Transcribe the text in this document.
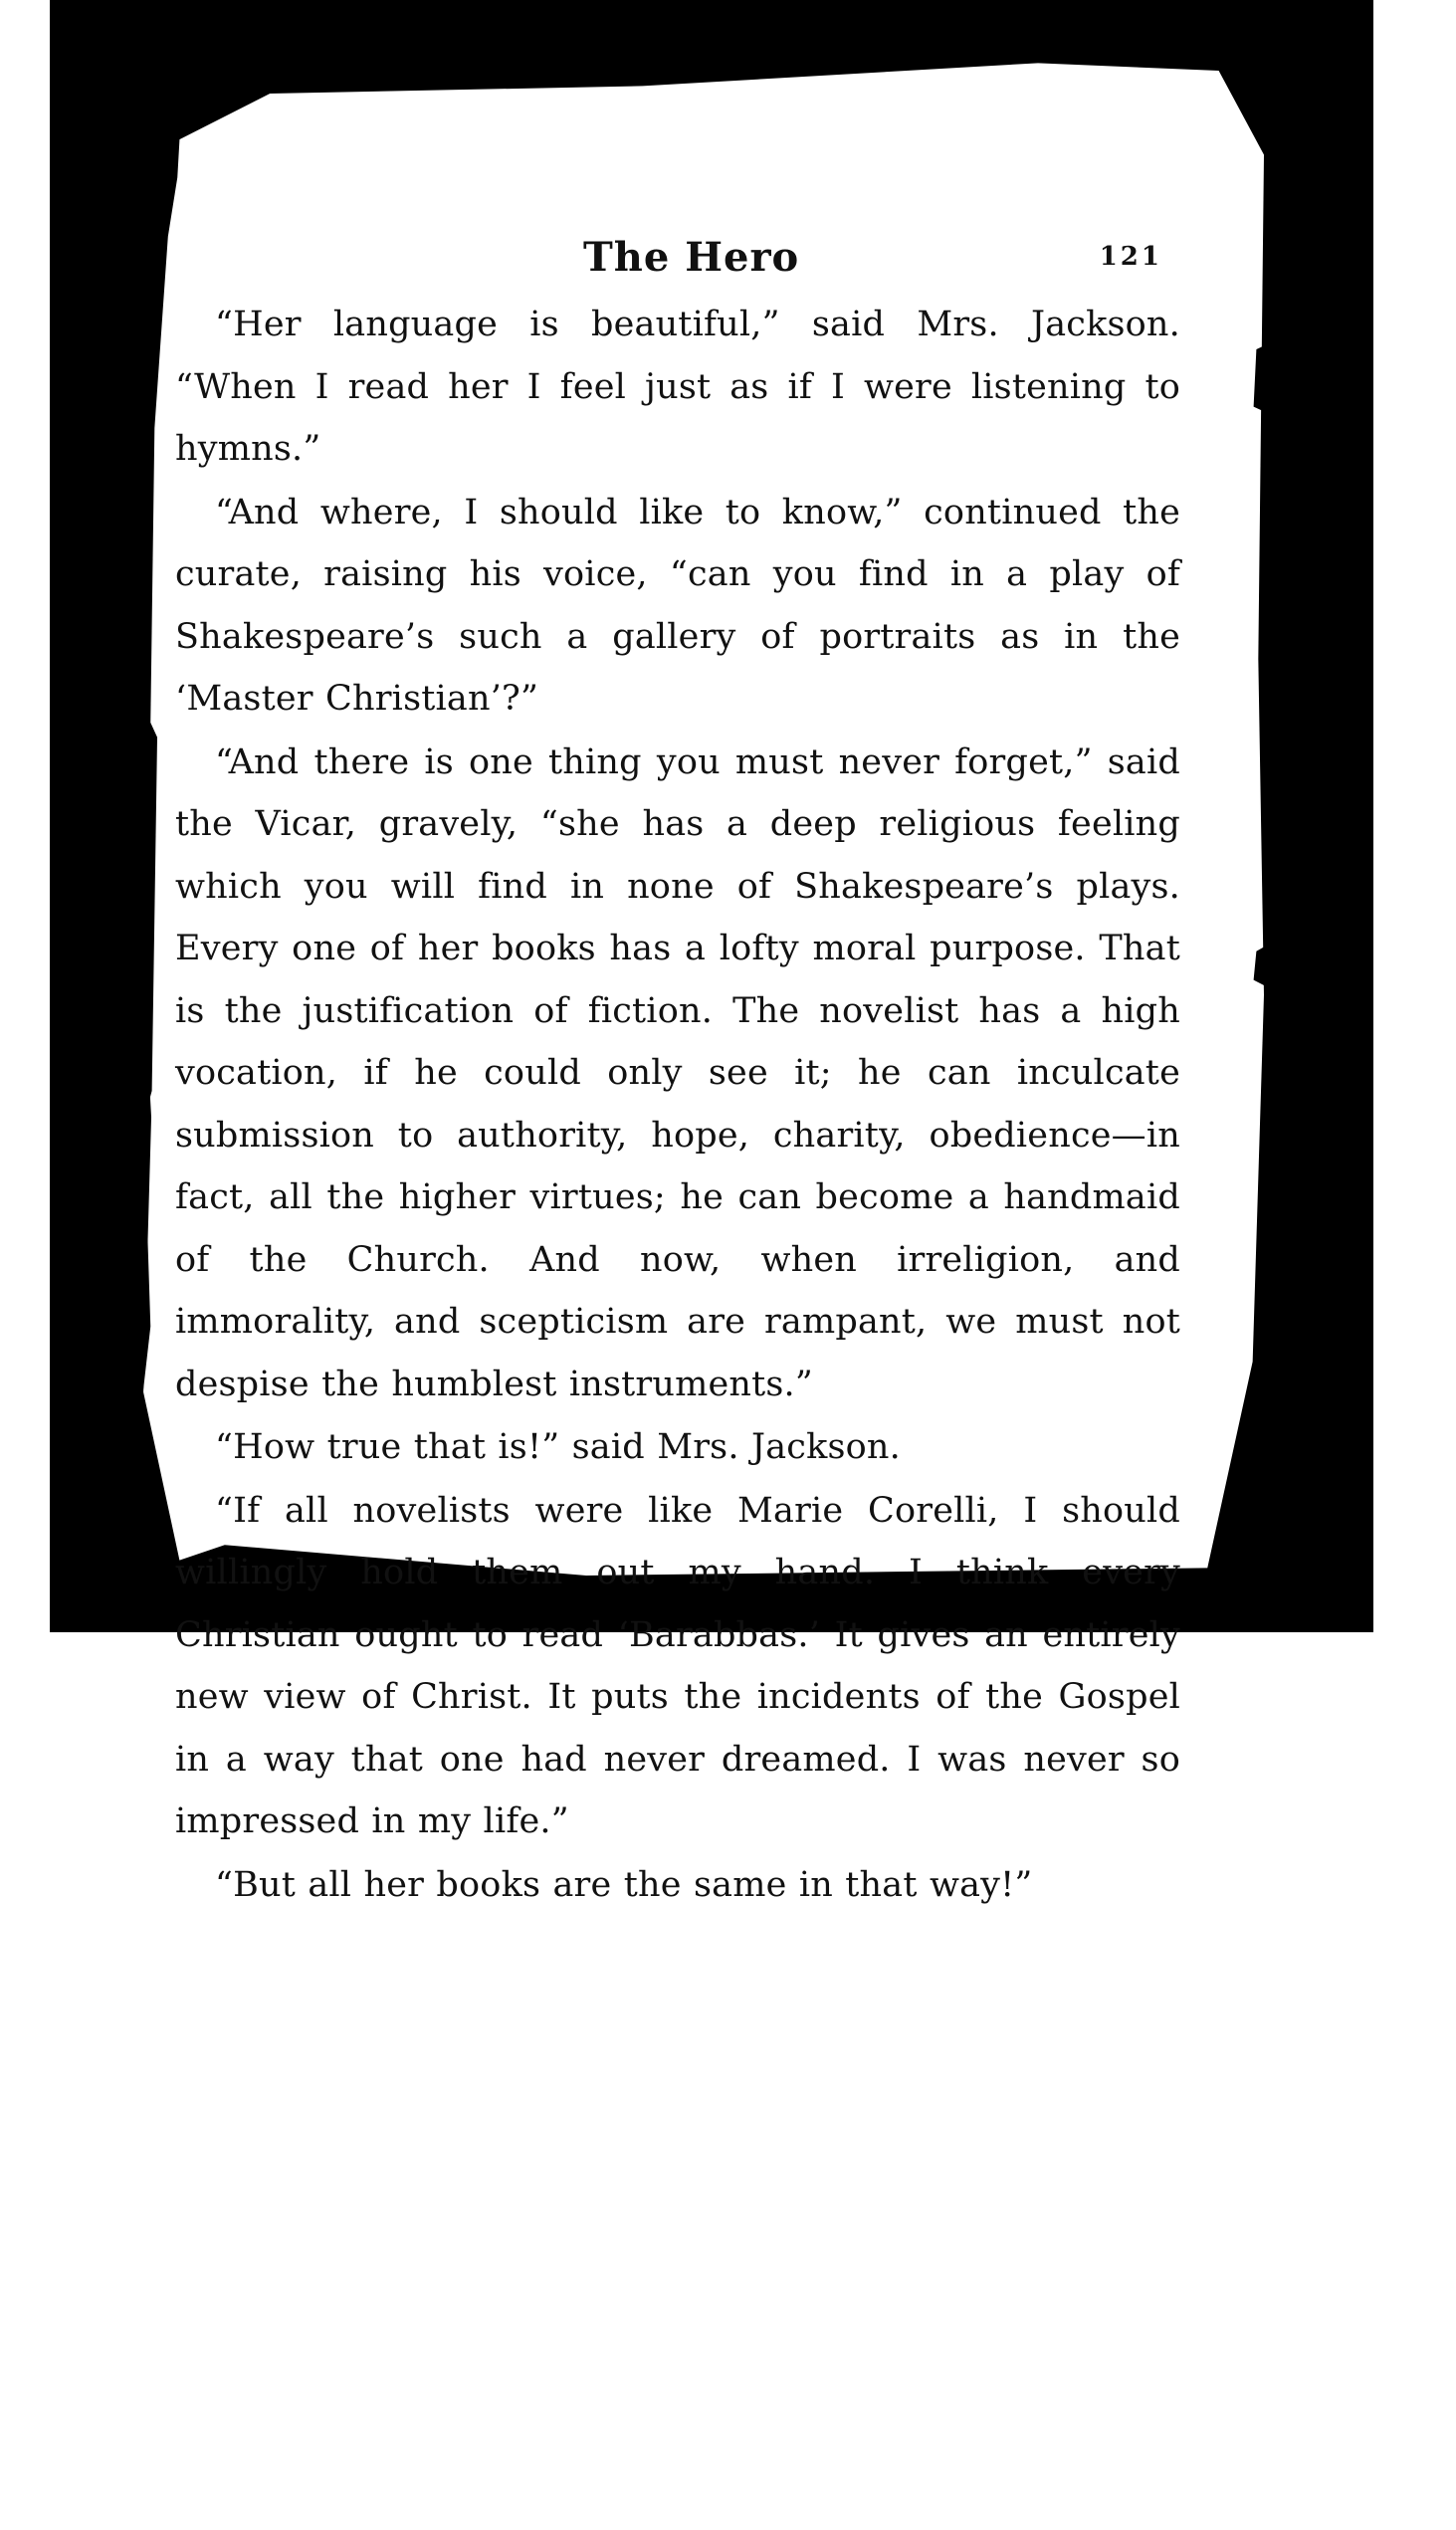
The Hero	121

“Her language is beautiful,” said Mrs. Jackson. “When I read her I feel just as if I were listening to hymns.”

“And where, I should like to know,” continued the curate, raising his voice, “can you find in a play of Shakespeare’s such a gallery of portraits as in the ‘Master Christian’?”

“And there is one thing you must never forget,” said the Vicar, gravely, “she has a deep religious feeling which you will find in none of Shakespeare’s plays. Every one of her books has a lofty moral purpose. That is the justification of fiction. The novelist has a high vocation, if he could only see it; he can inculcate submission to authority, hope, charity, obedience—in fact, all the higher virtues; he can become a handmaid of the Church. And now, when irreligion, and immorality, and scepticism are rampant, we must not despise the humblest instruments.”

“How true that is!” said Mrs. Jackson.

“If all novelists were like Marie Corelli, I should willingly hold them out my hand. I think every Christian ought to read ‘Barabbas.’ It gives an entirely new view of Christ. It puts the incidents of the Gospel in a way that one had never dreamed. I was never so impressed in my life.”

“But all her books are the same in that way!”
